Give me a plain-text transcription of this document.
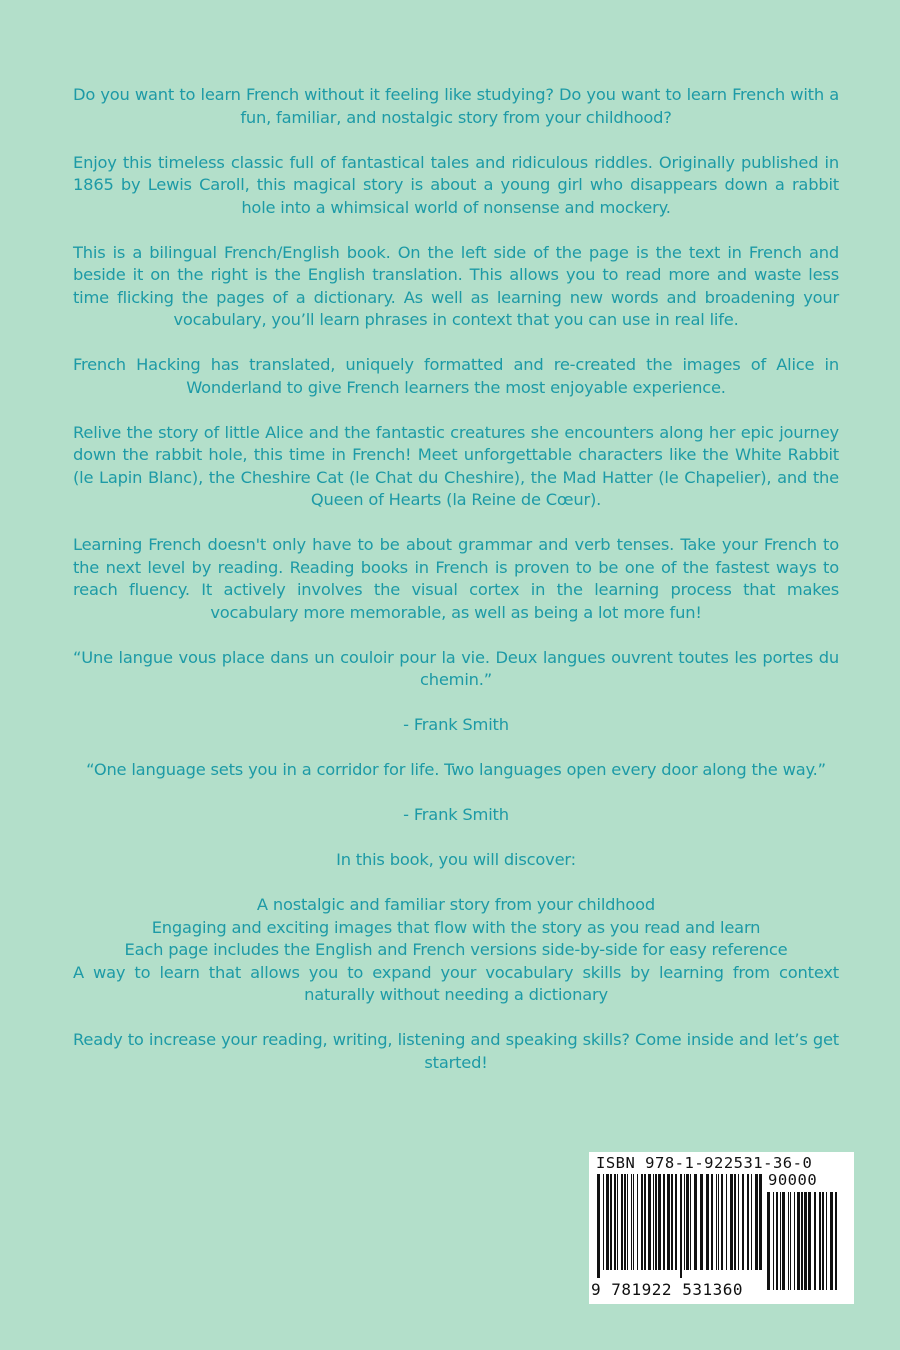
Do you want to learn French without it feeling like studying? Do you want to learn French with a fun, familiar, and nostalgic story from your childhood?

Enjoy this timeless classic full of fantastical tales and ridiculous riddles. Originally published in 1865 by Lewis Caroll, this magical story is about a young girl who disappears down a rabbit hole into a whimsical world of nonsense and mockery.

This is a bilingual French/English book. On the left side of the page is the text in French and beside it on the right is the English translation. This allows you to read more and waste less time flicking the pages of a dictionary. As well as learning new words and broadening your vocabulary, you’ll learn phrases in context that you can use in real life.

French Hacking has translated, uniquely formatted and re-created the images of Alice in Wonderland to give French learners the most enjoyable experience.

Relive the story of little Alice and the fantastic creatures she encounters along her epic journey down the rabbit hole, this time in French! Meet unforgettable characters like the White Rabbit (le Lapin Blanc), the Cheshire Cat (le Chat du Cheshire), the Mad Hatter (le Chapelier), and the Queen of Hearts (la Reine de Cœur).

Learning French doesn't only have to be about grammar and verb tenses. Take your French to the next level by reading. Reading books in French is proven to be one of the fastest ways to reach fluency. It actively involves the visual cortex in the learning process that makes vocabulary more memorable, as well as being a lot more fun!

“Une langue vous place dans un couloir pour la vie. Deux langues ouvrent toutes les portes du chemin.”

- Frank Smith

“One language sets you in a corridor for life. Two languages open every door along the way.”

- Frank Smith

In this book, you will discover:

A nostalgic and familiar story from your childhood
Engaging and exciting images that flow with the story as you read and learn
Each page includes the English and French versions side-by-side for easy reference
A way to learn that allows you to expand your vocabulary skills by learning from context naturally without needing a dictionary

Ready to increase your reading, writing, listening and speaking skills? Come inside and let’s get started!

ISBN 978-1-922531-36-0
90000
9 781922 531360
